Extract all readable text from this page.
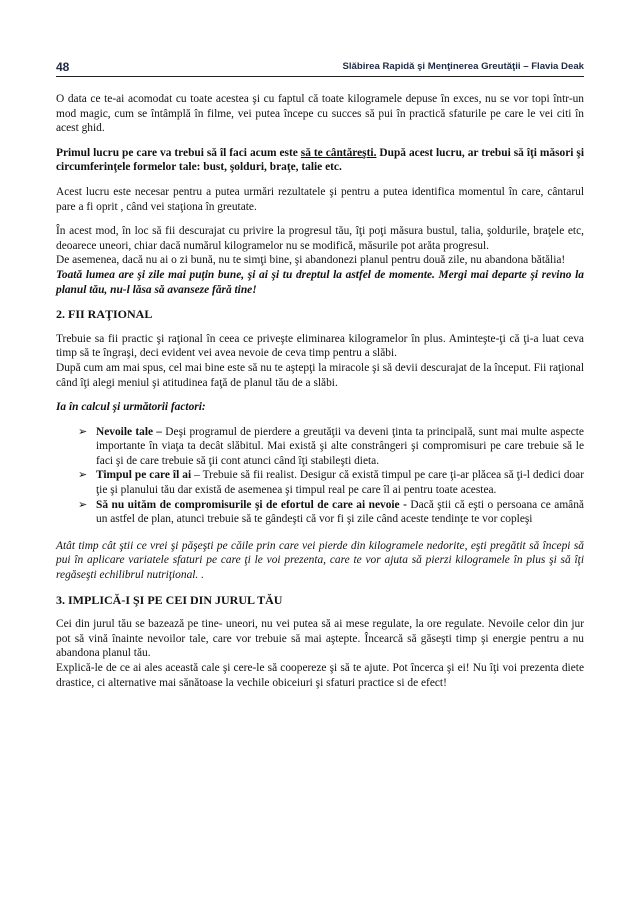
48	Slăbirea Rapidă şi Menţinerea Greutăţii – Flavia Deak

O data ce te-ai acomodat cu toate acestea şi cu faptul că toate kilogramele depuse în exces, nu se vor topi într-un mod magic, cum se întâmplă în filme, vei putea începe cu succes să pui în practică sfaturile pe care le vei citi în acest ghid.

Primul lucru pe care va trebui să îl faci acum este să te cântăreşti. După acest lucru, ar trebui să îţi măsori şi circumferinţele formelor tale: bust, şolduri, braţe, talie etc.

Acest lucru este necesar pentru a putea urmări rezultatele şi pentru a putea identifica momentul în care, cântarul pare a fi oprit , când vei staţiona în greutate.

În acest mod, în loc să fii descurajat cu privire la progresul tău, îţi poţi măsura bustul, talia, şoldurile, braţele etc, deoarece uneori, chiar dacă numărul kilogramelor nu se modifică, măsurile pot arăta progresul.

De asemenea, dacă nu ai o zi bună, nu te simţi bine, şi abandonezi planul pentru două zile, nu abandona bătălia!

Toată lumea are şi zile mai puţin bune, şi ai şi tu dreptul la astfel de momente. Mergi mai departe şi revino la planul tău, nu-l lăsa să avanseze fără tine!

2. FII RAŢIONAL

Trebuie sa fii practic şi raţional în ceea ce priveşte eliminarea kilogramelor în plus. Aminteşte-ţi că ţi-a luat ceva timp să te îngraşi, deci evident vei avea nevoie de ceva timp pentru a slăbi.

După cum am mai spus, cel mai bine este să nu te aştepţi la miracole şi să devii descurajat de la început. Fii raţional când îţi alegi meniul şi atitudinea faţă de planul tău de a slăbi.

Ia în calcul şi următorii factori:

➢ Nevoile tale – Deşi programul de pierdere a greutăţii va deveni ţinta ta principală, sunt mai multe aspecte importante în viaţa ta decât slăbitul. Mai există şi alte constrângeri şi compromisuri pe care trebuie să le faci şi de care trebuie să ţii cont atunci când îţi stabileşti dieta.
➢ Timpul pe care îl ai – Trebuie să fii realist. Desigur că există timpul pe care ţi-ar plăcea să ţi-l dedici doar ţie şi planului tău dar există de asemenea şi timpul real pe care îl ai pentru toate acestea.
➢ Să nu uităm de compromisurile şi de efortul de care ai nevoie - Dacă ştii că eşti o persoana ce amână un astfel de plan, atunci trebuie să te gândeşti că vor fi şi zile când aceste tendinţe te vor copleşi

Atât timp cât ştii ce vrei şi păşeşti pe căile prin care vei pierde din kilogramele nedorite, eşti pregătit să începi să pui în aplicare variatele sfaturi pe care ţi le voi prezenta, care te vor ajuta să pierzi kilogramele în plus şi să îţi regăseşti echilibrul nutriţional. .

3. IMPLICĂ-I ŞI PE CEI DIN JURUL TĂU

Cei din jurul tău se bazează pe tine- uneori, nu vei putea să ai mese regulate, la ore regulate. Nevoile celor din jur pot să vină înainte nevoilor tale, care vor trebuie să mai aştepte. Încearcă să găseşti timp şi energie pentru a nu abandona planul tău.

Explică-le de ce ai ales această cale şi cere-le să coopereze şi să te ajute. Pot încerca şi ei! Nu îţi voi prezenta diete drastice, ci alternative mai sănătoase la vechile obiceiuri şi sfaturi practice si de efect!
